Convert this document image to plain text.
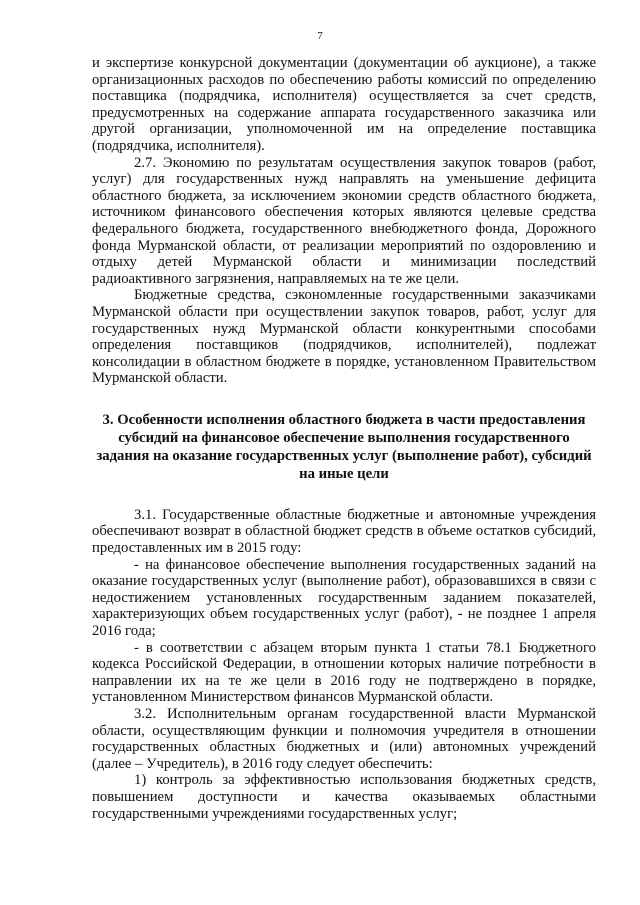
7

и экспертизе конкурсной документации (документации об аукционе), а также организационных расходов по обеспечению работы комиссий по определению поставщика (подрядчика, исполнителя) осуществляется за счет средств, предусмотренных на содержание аппарата государственного заказчика или другой организации, уполномоченной им на определение поставщика (подрядчика, исполнителя).

2.7. Экономию по результатам осуществления закупок товаров (работ, услуг) для государственных нужд направлять на уменьшение дефицита областного бюджета, за исключением экономии средств областного бюджета, источником финансового обеспечения которых являются целевые средства федерального бюджета, государственного внебюджетного фонда, Дорожного фонда Мурманской области, от реализации мероприятий по оздоровлению и отдыху детей Мурманской области и минимизации последствий радиоактивного загрязнения, направляемых на те же цели.

Бюджетные средства, сэкономленные государственными заказчиками Мурманской области при осуществлении закупок товаров, работ, услуг для государственных нужд Мурманской области конкурентными способами определения поставщиков (подрядчиков, исполнителей), подлежат консолидации в областном бюджете в порядке, установленном Правительством Мурманской области.

3. Особенности исполнения областного бюджета в части предоставления субсидий на финансовое обеспечение выполнения государственного задания на оказание государственных услуг (выполнение работ), субсидий на иные цели

3.1. Государственные областные бюджетные и автономные учреждения обеспечивают возврат в областной бюджет средств в объеме остатков субсидий, предоставленных им в 2015 году:

- на финансовое обеспечение выполнения государственных заданий на оказание государственных услуг (выполнение работ), образовавшихся в связи с недостижением установленных государственным заданием показателей, характеризующих объем государственных услуг (работ), - не позднее 1 апреля 2016 года;

- в соответствии с абзацем вторым пункта 1 статьи 78.1 Бюджетного кодекса Российской Федерации, в отношении которых наличие потребности в направлении их на те же цели в 2016 году не подтверждено в порядке, установленном Министерством финансов Мурманской области.

3.2. Исполнительным органам государственной власти Мурманской области, осуществляющим функции и полномочия учредителя в отношении государственных областных бюджетных и (или) автономных учреждений (далее – Учредитель), в 2016 году следует обеспечить:

1) контроль за эффективностью использования бюджетных средств, повышением доступности и качества оказываемых областными государственными учреждениями государственных услуг;
